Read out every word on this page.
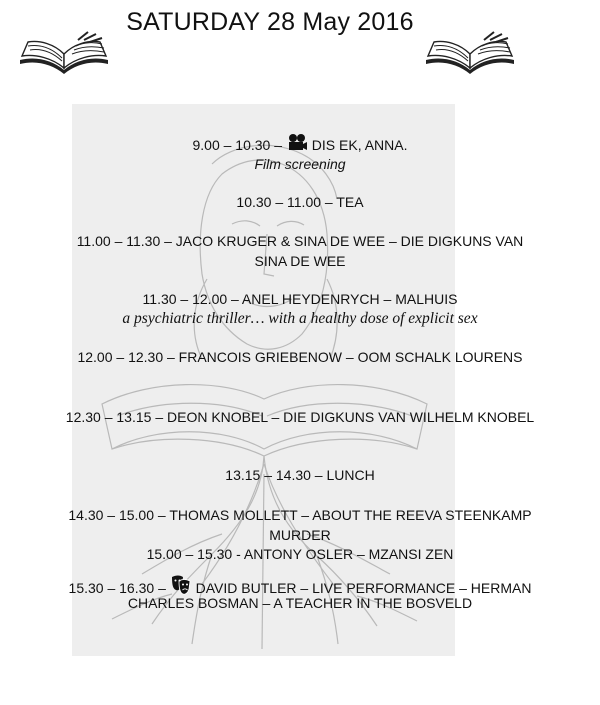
SATURDAY 28 May 2016
9.00 – 10.30 – DIS EK, ANNA.
Film screening
10.30 – 11.00 – TEA
11.00 – 11.30 – JACO KRUGER & SINA DE WEE – DIE DIGKUNS VAN
SINA DE WEE
11.30 – 12.00 – ANEL HEYDENRYCH – MALHUIS
a psychiatric thriller… with a healthy dose of explicit sex
12.00 – 12.30 – FRANCOIS GRIEBENOW – OOM SCHALK LOURENS
12.30 – 13.15 – DEON KNOBEL – DIE DIGKUNS VAN WILHELM KNOBEL
13.15 – 14.30 – LUNCH
14.30 – 15.00 – THOMAS MOLLETT – ABOUT THE REEVA STEENKAMP
MURDER
15.00 – 15.30 - ANTONY OSLER – MZANSI ZEN
15.30 – 16.30 – DAVID BUTLER – LIVE PERFORMANCE – HERMAN
CHARLES BOSMAN – A TEACHER IN THE BOSVELD
